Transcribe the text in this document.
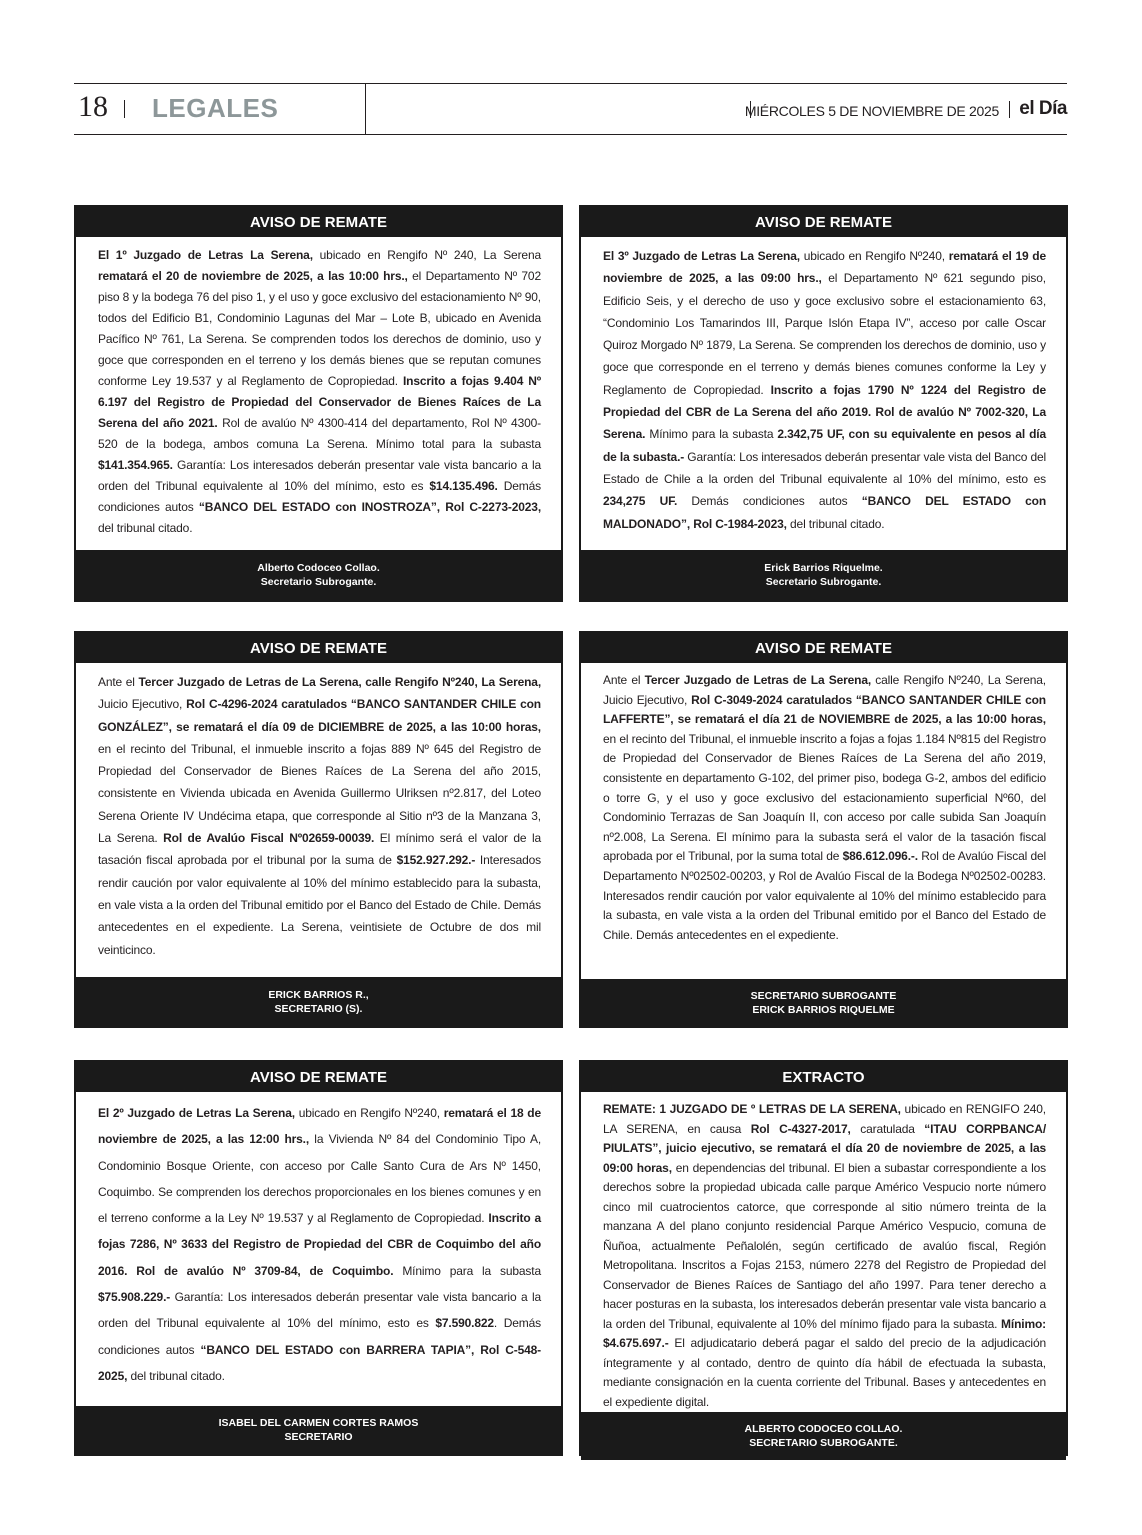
18 LEGALES	MIÉRCOLES 5 DE NOVIEMBRE DE 2025 el Día
AVISO DE REMATE
El 1º Juzgado de Letras La Serena, ubicado en Rengifo Nº 240, La Serena rematará el 20 de noviembre de 2025, a las 10:00 hrs., el Departamento Nº 702 piso 8 y la bodega 76 del piso 1, y el uso y goce exclusivo del estacionamiento Nº 90, todos del Edificio B1, Condominio Lagunas del Mar – Lote B, ubicado en Avenida Pacífico Nº 761, La Serena. Se comprenden todos los derechos de dominio, uso y goce que corresponden en el terreno y los demás bienes que se reputan comunes conforme Ley 19.537 y al Reglamento de Copropiedad. Inscrito a fojas 9.404 Nº 6.197 del Registro de Propiedad del Conservador de Bienes Raíces de La Serena del año 2021. Rol de avalúo Nº 4300-414 del departamento, Rol Nº 4300-520 de la bodega, ambos comuna La Serena. Mínimo total para la subasta $141.354.965. Garantía: Los interesados deberán presentar vale vista bancario a la orden del Tribunal equivalente al 10% del mínimo, esto es $14.135.496. Demás condiciones autos “BANCO DEL ESTADO con INOSTROZA”, Rol C-2273-2023, del tribunal citado.
Alberto Codoceo Collao.
Secretario Subrogante.
AVISO DE REMATE
El 3º Juzgado de Letras La Serena, ubicado en Rengifo Nº240, rematará el 19 de noviembre de 2025, a las 09:00 hrs., el Departamento Nº 621 segundo piso, Edificio Seis, y el derecho de uso y goce exclusivo sobre el estacionamiento 63, “Condominio Los Tamarindos III, Parque Islón Etapa IV”, acceso por calle Oscar Quiroz Morgado Nº 1879, La Serena. Se comprenden los derechos de dominio, uso y goce que corresponde en el terreno y demás bienes comunes conforme la Ley y Reglamento de Copropiedad. Inscrito a fojas 1790 Nº 1224 del Registro de Propiedad del CBR de La Serena del año 2019. Rol de avalúo Nº 7002-320, La Serena. Mínimo para la subasta 2.342,75 UF, con su equivalente en pesos al día de la subasta.- Garantía: Los interesados deberán presentar vale vista del Banco del Estado de Chile a la orden del Tribunal equivalente al 10% del mínimo, esto es 234,275 UF. Demás condiciones autos “BANCO DEL ESTADO con MALDONADO”, Rol C-1984-2023, del tribunal citado.
Erick Barrios Riquelme.
Secretario Subrogante.
AVISO DE REMATE
Ante el Tercer Juzgado de Letras de La Serena, calle Rengifo Nº240, La Serena, Juicio Ejecutivo, Rol C-4296-2024 caratulados “BANCO SANTANDER CHILE con GONZÁLEZ”, se rematará el día 09 de DICIEMBRE de 2025, a las 10:00 horas, en el recinto del Tribunal, el inmueble inscrito a fojas 889 Nº 645 del Registro de Propiedad del Conservador de Bienes Raíces de La Serena del año 2015, consistente en Vivienda ubicada en Avenida Guillermo Ulriksen nº2.817, del Loteo Serena Oriente IV Undécima etapa, que corresponde al Sitio nº3 de la Manzana 3, La Serena. Rol de Avalúo Fiscal Nº02659-00039. El mínimo será el valor de la tasación fiscal aprobada por el tribunal por la suma de $152.927.292.- Interesados rendir caución por valor equivalente al 10% del mínimo establecido para la subasta, en vale vista a la orden del Tribunal emitido por el Banco del Estado de Chile. Demás antecedentes en el expediente. La Serena, veintisiete de Octubre de dos mil veinticinco.
ERICK BARRIOS R.,
SECRETARIO (S).
AVISO DE REMATE
Ante el Tercer Juzgado de Letras de La Serena, calle Rengifo Nº240, La Serena, Juicio Ejecutivo, Rol C-3049-2024 caratulados “BANCO SANTANDER CHILE con LAFFERTE”, se rematará el día 21 de NOVIEMBRE de 2025, a las 10:00 horas, en el recinto del Tribunal, el inmueble inscrito a fojas a fojas 1.184 Nº815 del Registro de Propiedad del Conservador de Bienes Raíces de La Serena del año 2019, consistente en departamento G-102, del primer piso, bodega G-2, ambos del edificio o torre G, y el uso y goce exclusivo del estacionamiento superficial Nº60, del Condominio Terrazas de San Joaquín II, con acceso por calle subida San Joaquín nº2.008, La Serena. El mínimo para la subasta será el valor de la tasación fiscal aprobada por el Tribunal, por la suma total de $86.612.096.-. Rol de Avalúo Fiscal del Departamento Nº02502-00203, y Rol de Avalúo Fiscal de la Bodega Nº02502-00283. Interesados rendir caución por valor equivalente al 10% del mínimo establecido para la subasta, en vale vista a la orden del Tribunal emitido por el Banco del Estado de Chile. Demás antecedentes en el expediente.
SECRETARIO SUBROGANTE
ERICK BARRIOS RIQUELME
AVISO DE REMATE
El 2º Juzgado de Letras La Serena, ubicado en Rengifo Nº240, rematará el 18 de noviembre de 2025, a las 12:00 hrs., la Vivienda Nº 84 del Condominio Tipo A, Condominio Bosque Oriente, con acceso por Calle Santo Cura de Ars Nº 1450, Coquimbo. Se comprenden los derechos proporcionales en los bienes comunes y en el terreno conforme a la Ley Nº 19.537 y al Reglamento de Copropiedad. Inscrito a fojas 7286, Nº 3633 del Registro de Propiedad del CBR de Coquimbo del año 2016. Rol de avalúo Nº 3709-84, de Coquimbo. Mínimo para la subasta $75.908.229.- Garantía: Los interesados deberán presentar vale vista bancario a la orden del Tribunal equivalente al 10% del mínimo, esto es $7.590.822. Demás condiciones autos “BANCO DEL ESTADO con BARRERA TAPIA”, Rol C-548-2025, del tribunal citado.
ISABEL DEL CARMEN CORTES RAMOS
SECRETARIO
EXTRACTO
REMATE: 1 JUZGADO DE º LETRAS DE LA SERENA, ubicado en RENGIFO 240, LA SERENA, en causa Rol C-4327-2017, caratulada “ITAU CORPBANCA/ PIULATS”, juicio ejecutivo, se rematará el día 20 de noviembre de 2025, a las 09:00 horas, en dependencias del tribunal. El bien a subastar correspondiente a los derechos sobre la propiedad ubicada calle parque Américo Vespucio norte número cinco mil cuatrocientos catorce, que corresponde al sitio número treinta de la manzana A del plano conjunto residencial Parque Américo Vespucio, comuna de Ñuñoa, actualmente Peñalolén, según certificado de avalúo fiscal, Región Metropolitana. Inscritos a Fojas 2153, número 2278 del Registro de Propiedad del Conservador de Bienes Raíces de Santiago del año 1997. Para tener derecho a hacer posturas en la subasta, los interesados deberán presentar vale vista bancario a la orden del Tribunal, equivalente al 10% del mínimo fijado para la subasta. Mínimo: $4.675.697.- El adjudicatario deberá pagar el saldo del precio de la adjudicación íntegramente y al contado, dentro de quinto día hábil de efectuada la subasta, mediante consignación en la cuenta corriente del Tribunal. Bases y antecedentes en el expediente digital.
ALBERTO CODOCEO COLLAO.
SECRETARIO SUBROGANTE.
